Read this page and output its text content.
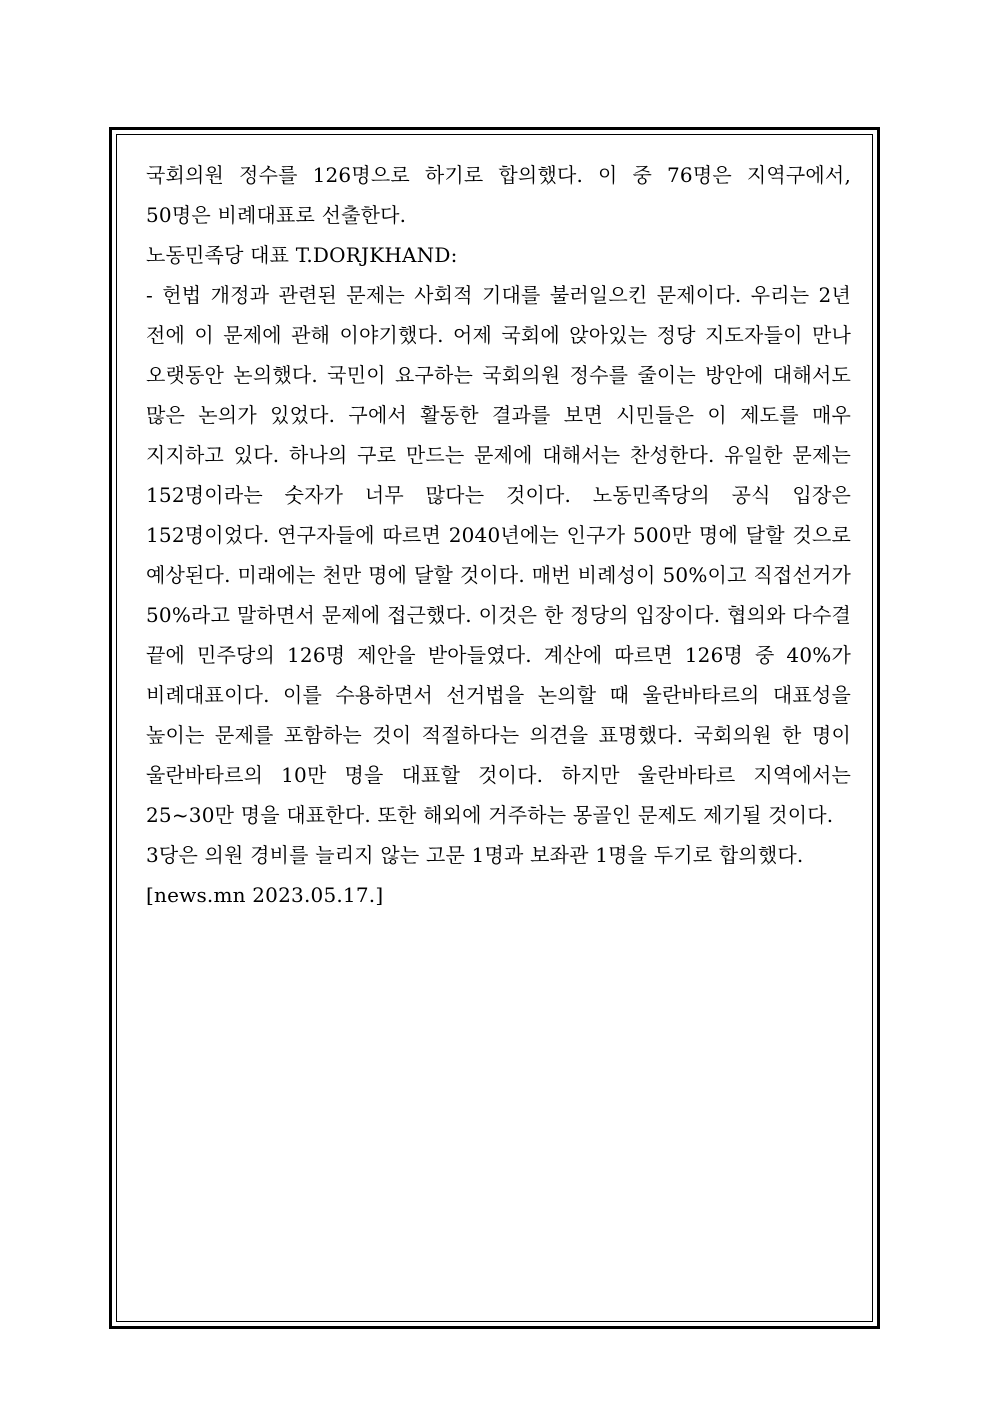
국회의원 정수를 126명으로 하기로 합의했다. 이 중 76명은 지역구에서, 50명은 비례대표로 선출한다.

노동민족당 대표 T.DORJKHAND:

- 헌법 개정과 관련된 문제는 사회적 기대를 불러일으킨 문제이다. 우리는 2년 전에 이 문제에 관해 이야기했다. 어제 국회에 앉아있는 정당 지도자들이 만나 오랫동안 논의했다. 국민이 요구하는 국회의원 정수를 줄이는 방안에 대해서도 많은 논의가 있었다. 구에서 활동한 결과를 보면 시민들은 이 제도를 매우 지지하고 있다. 하나의 구로 만드는 문제에 대해서는 찬성한다. 유일한 문제는 152명이라는 숫자가 너무 많다는 것이다. 노동민족당의 공식 입장은 152명이었다. 연구자들에 따르면 2040년에는 인구가 500만 명에 달할 것으로 예상된다. 미래에는 천만 명에 달할 것이다. 매번 비례성이 50%이고 직접선거가 50%라고 말하면서 문제에 접근했다. 이것은 한 정당의 입장이다. 협의와 다수결 끝에 민주당의 126명 제안을 받아들였다. 계산에 따르면 126명 중 40%가 비례대표이다. 이를 수용하면서 선거법을 논의할 때 울란바타르의 대표성을 높이는 문제를 포함하는 것이 적절하다는 의견을 표명했다. 국회의원 한 명이 울란바타르의 10만 명을 대표할 것이다. 하지만 울란바타르 지역에서는 25~30만 명을 대표한다. 또한 해외에 거주하는 몽골인 문제도 제기될 것이다.

3당은 의원 경비를 늘리지 않는 고문 1명과 보좌관 1명을 두기로 합의했다.

[news.mn 2023.05.17.]
